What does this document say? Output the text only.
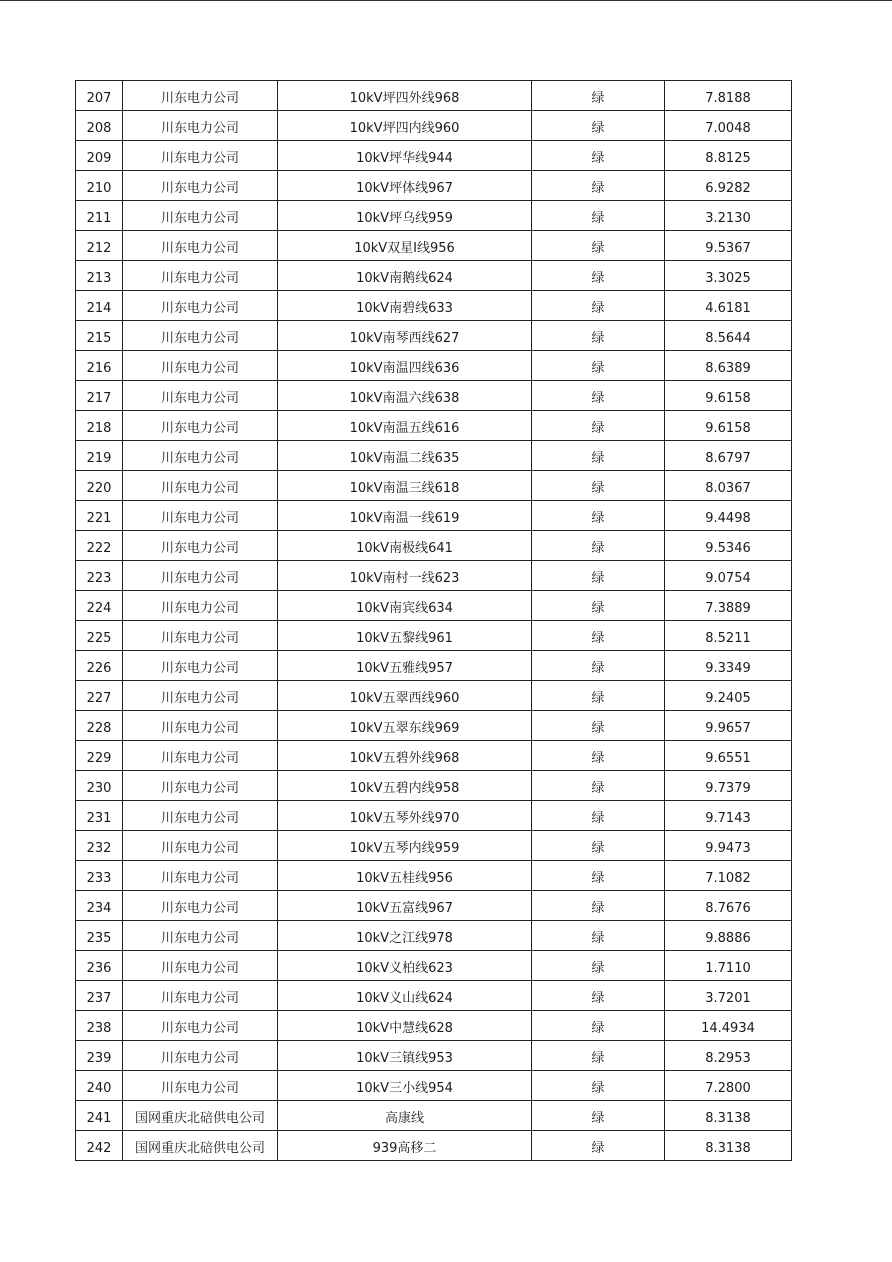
207	川东电力公司	10kV坪四外线968	绿	7.8188
208	川东电力公司	10kV坪四内线960	绿	7.0048
209	川东电力公司	10kV坪华线944	绿	8.8125
210	川东电力公司	10kV坪体线967	绿	6.9282
211	川东电力公司	10kV坪乌线959	绿	3.2130
212	川东电力公司	10kV双星Ⅰ线956	绿	9.5367
213	川东电力公司	10kV南鹅线624	绿	3.3025
214	川东电力公司	10kV南碧线633	绿	4.6181
215	川东电力公司	10kV南琴西线627	绿	8.5644
216	川东电力公司	10kV南温四线636	绿	8.6389
217	川东电力公司	10kV南温六线638	绿	9.6158
218	川东电力公司	10kV南温五线616	绿	9.6158
219	川东电力公司	10kV南温二线635	绿	8.6797
220	川东电力公司	10kV南温三线618	绿	8.0367
221	川东电力公司	10kV南温一线619	绿	9.4498
222	川东电力公司	10kV南极线641	绿	9.5346
223	川东电力公司	10kV南村一线623	绿	9.0754
224	川东电力公司	10kV南宾线634	绿	7.3889
225	川东电力公司	10kV五黎线961	绿	8.5211
226	川东电力公司	10kV五雅线957	绿	9.3349
227	川东电力公司	10kV五翠西线960	绿	9.2405
228	川东电力公司	10kV五翠东线969	绿	9.9657
229	川东电力公司	10kV五碧外线968	绿	9.6551
230	川东电力公司	10kV五碧内线958	绿	9.7379
231	川东电力公司	10kV五琴外线970	绿	9.7143
232	川东电力公司	10kV五琴内线959	绿	9.9473
233	川东电力公司	10kV五桂线956	绿	7.1082
234	川东电力公司	10kV五富线967	绿	8.7676
235	川东电力公司	10kV之江线978	绿	9.8886
236	川东电力公司	10kV义柏线623	绿	1.7110
237	川东电力公司	10kV义山线624	绿	3.7201
238	川东电力公司	10kV中慧线628	绿	14.4934
239	川东电力公司	10kV三镇线953	绿	8.2953
240	川东电力公司	10kV三小线954	绿	7.2800
241	国网重庆北碚供电公司	高康线	绿	8.3138
242	国网重庆北碚供电公司	939高移二	绿	8.3138
